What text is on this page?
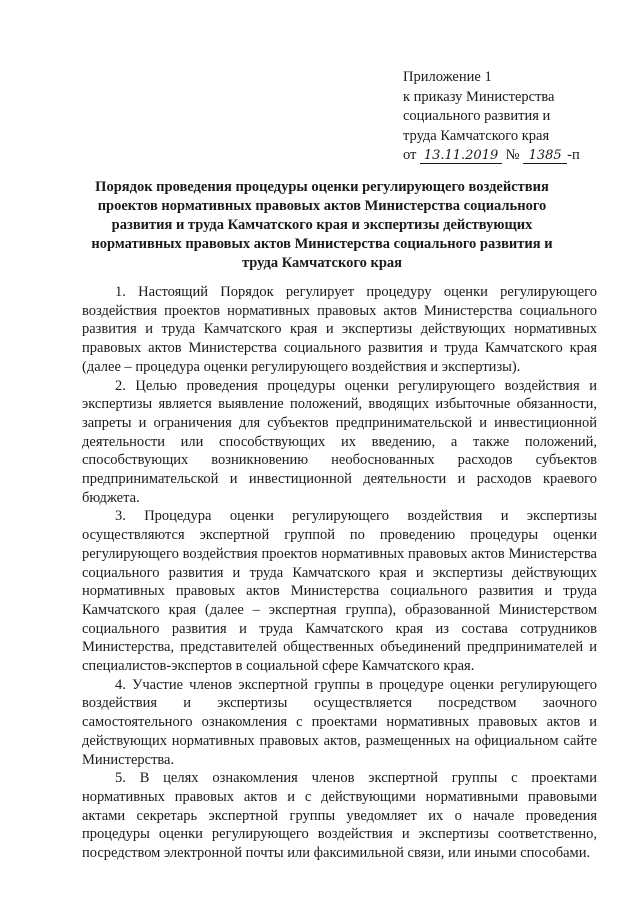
Приложение 1
к приказу Министерства
социального развития и
труда Камчатского края
от 13.11.2019 № 1385 -п
Порядок проведения процедуры оценки регулирующего воздействия
проектов нормативных правовых актов Министерства социального
развития и труда Камчатского края и экспертизы действующих
нормативных правовых актов Министерства социального развития и
труда Камчатского края

1. Настоящий Порядок регулирует процедуру оценки регулирующего воздействия проектов нормативных правовых актов Министерства социального развития и труда Камчатского края и экспертизы действующих нормативных правовых актов Министерства социального развития и труда Камчатского края (далее – процедура оценки регулирующего воздействия и экспертизы).

2. Целью проведения процедуры оценки регулирующего воздействия и экспертизы является выявление положений, вводящих избыточные обязанности, запреты и ограничения для субъектов предпринимательской и инвестиционной деятельности или способствующих их введению, а также положений, способствующих возникновению необоснованных расходов субъектов предпринимательской и инвестиционной деятельности и расходов краевого бюджета.

3. Процедура оценки регулирующего воздействия и экспертизы осуществляются экспертной группой по проведению процедуры оценки регулирующего воздействия проектов нормативных правовых актов Министерства социального развития и труда Камчатского края и экспертизы действующих нормативных правовых актов Министерства социального развития и труда Камчатского края (далее – экспертная группа), образованной Министерством социального развития и труда Камчатского края из состава сотрудников Министерства, представителей общественных объединений предпринимателей и специалистов-экспертов в социальной сфере Камчатского края.

4. Участие членов экспертной группы в процедуре оценки регулирующего воздействия и экспертизы осуществляется посредством заочного самостоятельного ознакомления с проектами нормативных правовых актов и действующих нормативных правовых актов, размещенных на официальном сайте Министерства.

5. В целях ознакомления членов экспертной группы с проектами нормативных правовых актов и с действующими нормативными правовыми актами секретарь экспертной группы уведомляет их о начале проведения процедуры оценки регулирующего воздействия и экспертизы соответственно, посредством электронной почты или факсимильной связи, или иными способами.
